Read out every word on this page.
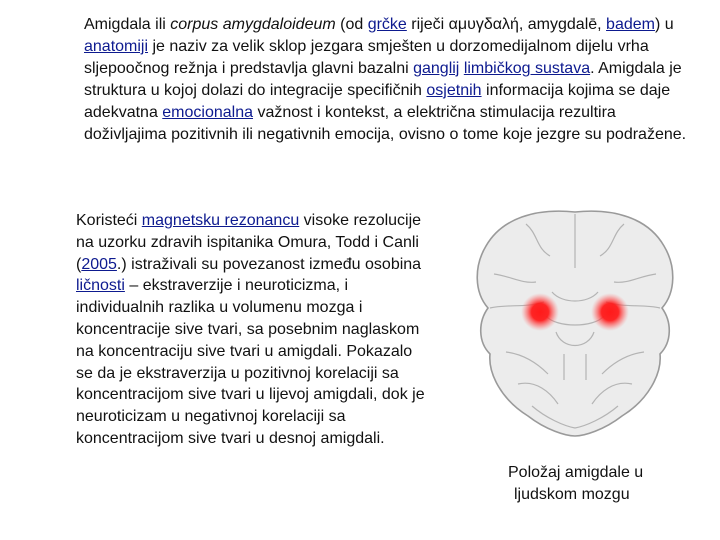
Amigdala ili corpus amygdaloideum (od grčke riječi αμυγδαλή, amygdalē, badem) u anatomiji je naziv za velik sklop jezgara smješten u dorzomedijalnom dijelu vrha sljepoočnog režnja i predstavlja glavni bazalni ganglij limbičkog sustava. Amigdala je struktura u kojoj dolazi do integracije specifičnih osjetnih informacija kojima se daje adekvatna emocionalna važnost i kontekst, a električna stimulacija rezultira doživljajima pozitivnih ili negativnih emocija, ovisno o tome koje jezgre su podražene.

Koristeći magnetsku rezonancu visoke rezolucije na uzorku zdravih ispitanika Omura, Todd i Canli (2005.) istraživali su povezanost između osobina ličnosti – ekstraverzije i neuroticizma, i individualnih razlika u volumenu mozga i koncentracije sive tvari, sa posebnim naglaskom na koncentraciju sive tvari u amigdali. Pokazalo se da je ekstraverzija u pozitivnoj korelaciji sa koncentracijom sive tvari u lijevoj amigdali, dok je neuroticizam u negativnoj korelaciji sa koncentracijom sive tvari u desnoj amigdali.

Položaj amigdale u
ljudskom mozgu
